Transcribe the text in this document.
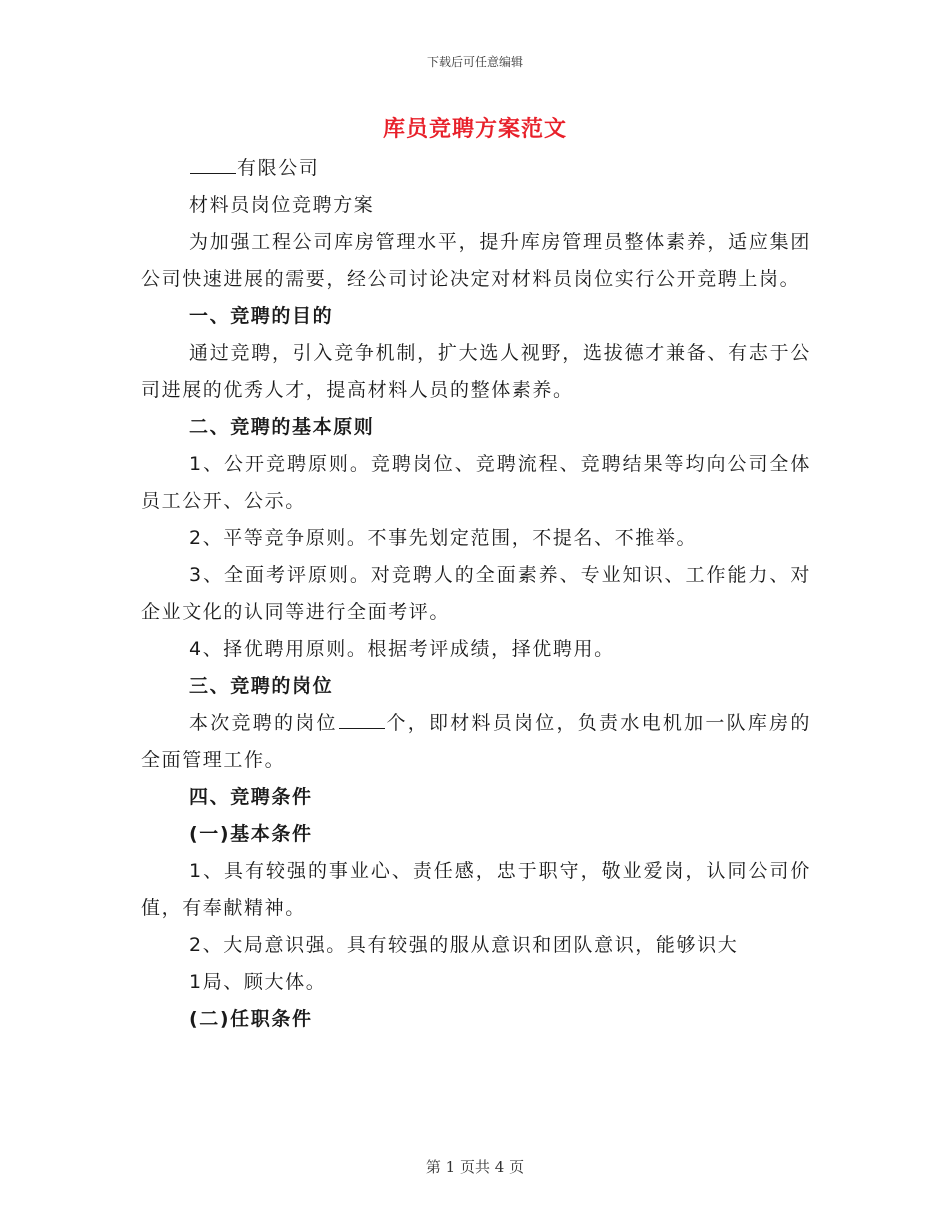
下载后可任意编辑
库员竞聘方案范文

有限公司

材料员岗位竞聘方案

为加强工程公司库房管理水平，提升库房管理员整体素养，适应集团公司快速进展的需要，经公司讨论决定对材料员岗位实行公开竞聘上岗。

一、竞聘的目的

通过竞聘，引入竞争机制，扩大选人视野，选拔德才兼备、有志于公司进展的优秀人才，提高材料人员的整体素养。

二、竞聘的基本原则

1、公开竞聘原则。竞聘岗位、竞聘流程、竞聘结果等均向公司全体员工公开、公示。

2、平等竞争原则。不事先划定范围，不提名、不推举。

3、全面考评原则。对竞聘人的全面素养、专业知识、工作能力、对企业文化的认同等进行全面考评。

4、择优聘用原则。根据考评成绩，择优聘用。

三、竞聘的岗位

本次竞聘的岗位	个，即材料员岗位，负责水电机加一队库房的全面管理工作。

四、竞聘条件

(一)基本条件

1、具有较强的事业心、责任感，忠于职守，敬业爱岗，认同公司价值，有奉献精神。

2、大局意识强。具有较强的服从意识和团队意识，能够识大

1局、顾大体。

(二)任职条件

第 1 页共 4 页
